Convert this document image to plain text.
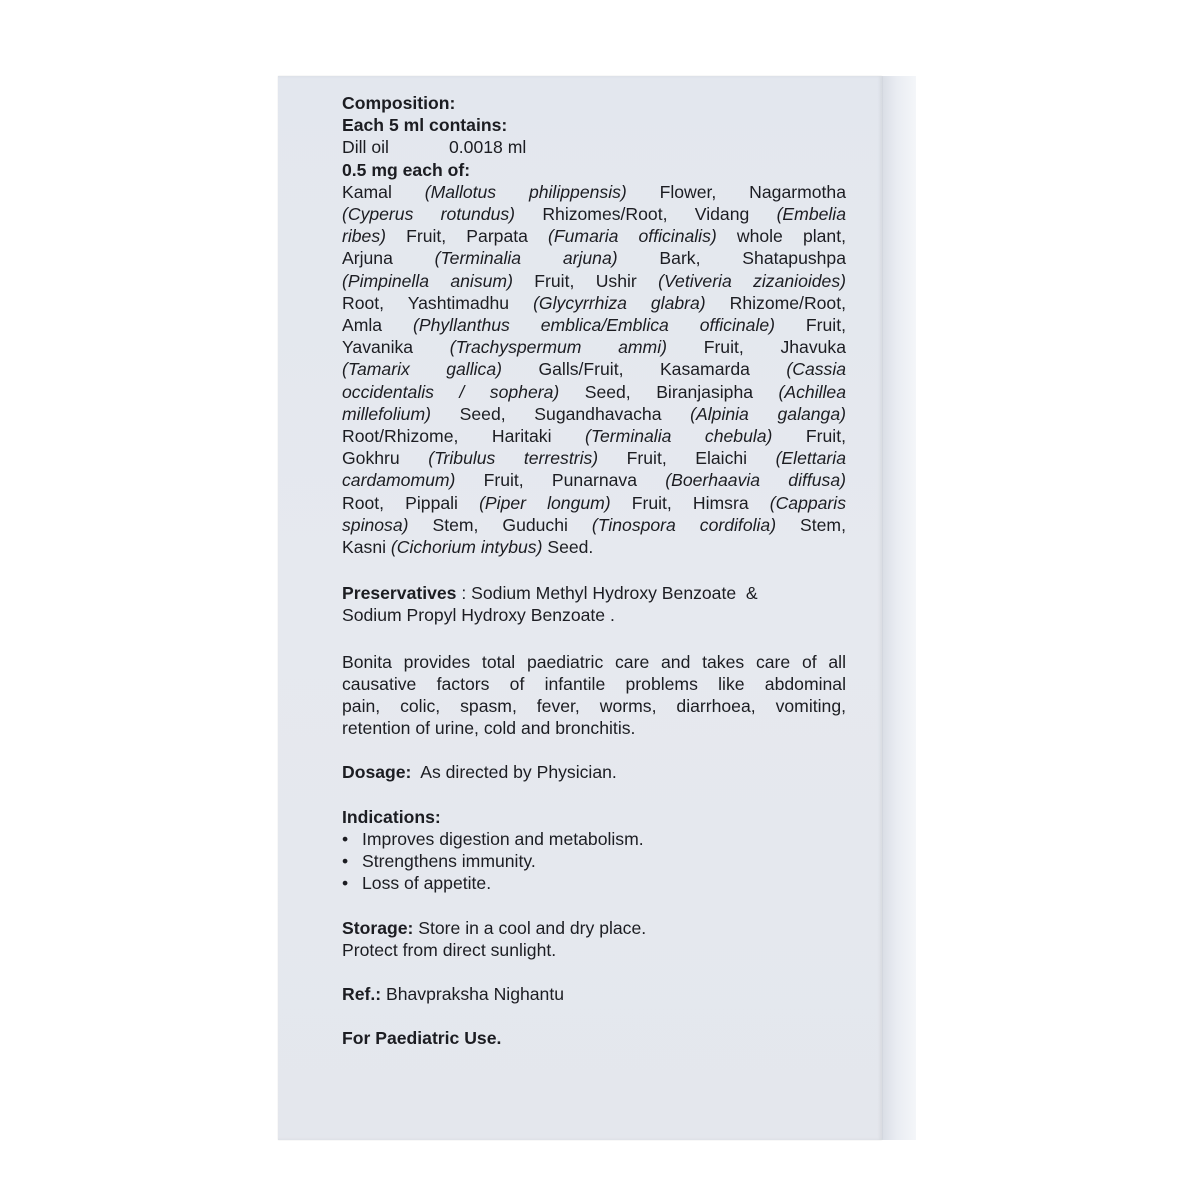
Composition:
Each 5 ml contains:
Dill oil	0.0018 ml
0.5 mg each of:
Kamal (Mallotus philippensis) Flower, Nagarmotha
(Cyperus rotundus) Rhizomes/Root, Vidang (Embelia
ribes) Fruit, Parpata (Fumaria officinalis) whole plant,
Arjuna (Terminalia arjuna) Bark, Shatapushpa
(Pimpinella anisum) Fruit, Ushir (Vetiveria zizanioides)
Root, Yashtimadhu (Glycyrrhiza glabra) Rhizome/Root,
Amla (Phyllanthus emblica/Emblica officinale) Fruit,
Yavanika (Trachyspermum ammi) Fruit, Jhavuka
(Tamarix gallica) Galls/Fruit, Kasamarda (Cassia
occidentalis / sophera) Seed, Biranjasipha (Achillea
millefolium) Seed, Sugandhavacha (Alpinia galanga)
Root/Rhizome, Haritaki (Terminalia chebula) Fruit,
Gokhru (Tribulus terrestris) Fruit, Elaichi (Elettaria
cardamomum) Fruit, Punarnava (Boerhaavia diffusa)
Root, Pippali (Piper longum) Fruit, Himsra (Capparis
spinosa) Stem, Guduchi (Tinospora cordifolia) Stem,
Kasni (Cichorium intybus) Seed.
Preservatives : Sodium Methyl Hydroxy Benzoate  &
Sodium Propyl Hydroxy Benzoate .
Bonita provides total paediatric care and takes care of all
causative factors of infantile problems like abdominal
pain, colic, spasm, fever, worms, diarrhoea, vomiting,
retention of urine, cold and bronchitis.
Dosage:  As directed by Physician.
Indications:
• Improves digestion and metabolism.
• Strengthens immunity.
• Loss of appetite.
Storage: Store in a cool and dry place.
Protect from direct sunlight.
Ref.: Bhavpraksha Nighantu
For Paediatric Use.
